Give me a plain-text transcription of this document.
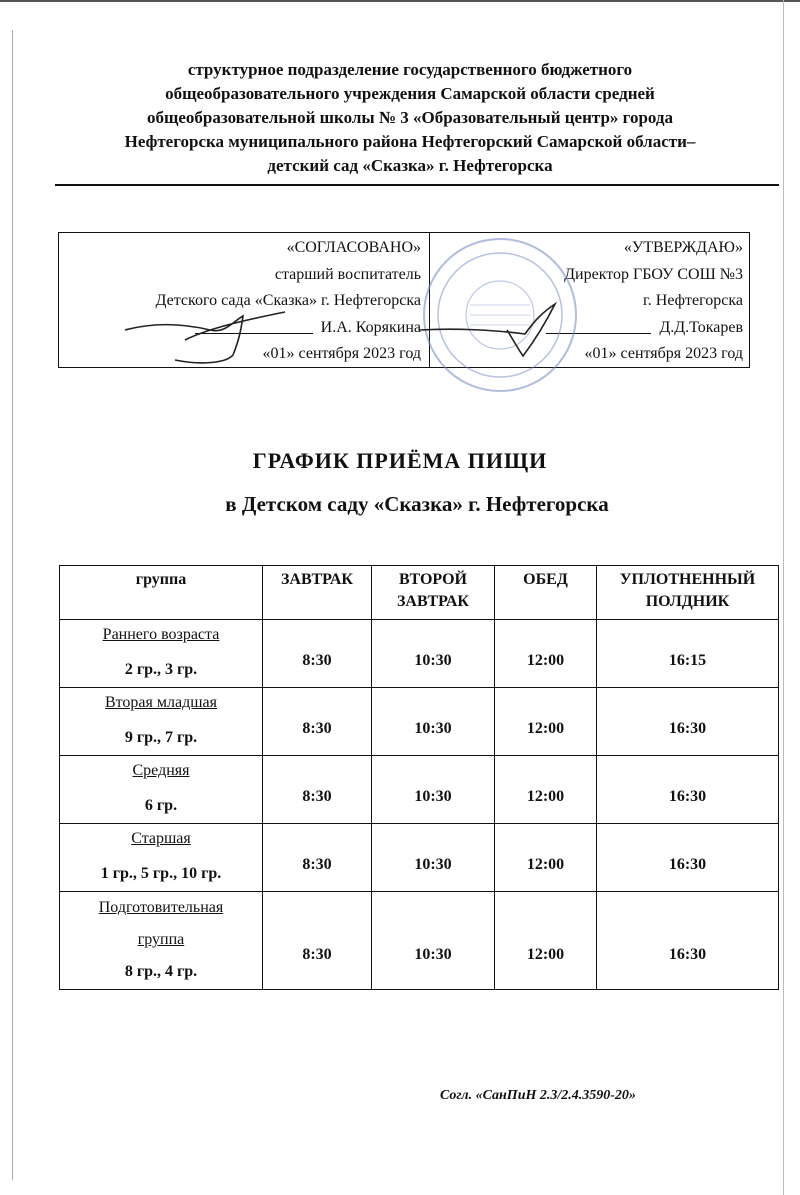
структурное подразделение государственного бюджетного
общеобразовательного учреждения Самарской области средней
общеобразовательной школы № 3 «Образовательный центр» города
Нефтегорска муниципального района Нефтегорский Самарской области–
детский сад «Сказка» г. Нефтегорска
«СОГЛАСОВАНО»
старший воспитатель
Детского сада «Сказка» г. Нефтегорска
И.А. Корякина
«01» сентября 2023 год
«УТВЕРЖДАЮ»
Директор ГБОУ СОШ №3
г. Нефтегорска
Д.Д.Токарев
«01» сентября 2023 год
ГРАФИК ПРИЁМА ПИЩИ
в Детском саду «Сказка» г. Нефтегорска
группа	ЗАВТРАК	ВТОРОЙ ЗАВТРАК	ОБЕД	УПЛОТНЕННЫЙ ПОЛДНИК

Раннего возраста
2 гр., 3 гр.	8:30	10:30	12:00	16:15

Вторая младшая
9 гр., 7 гр.	8:30	10:30	12:00	16:30

Средняя
6 гр.	8:30	10:30	12:00	16:30

Старшая
1 гр., 5 гр., 10 гр.	8:30	10:30	12:00	16:30

Подготовительная
группа
8 гр., 4 гр.	8:30	10:30	12:00	16:30
Согл. «СанПиН 2.3/2.4.3590-20»
